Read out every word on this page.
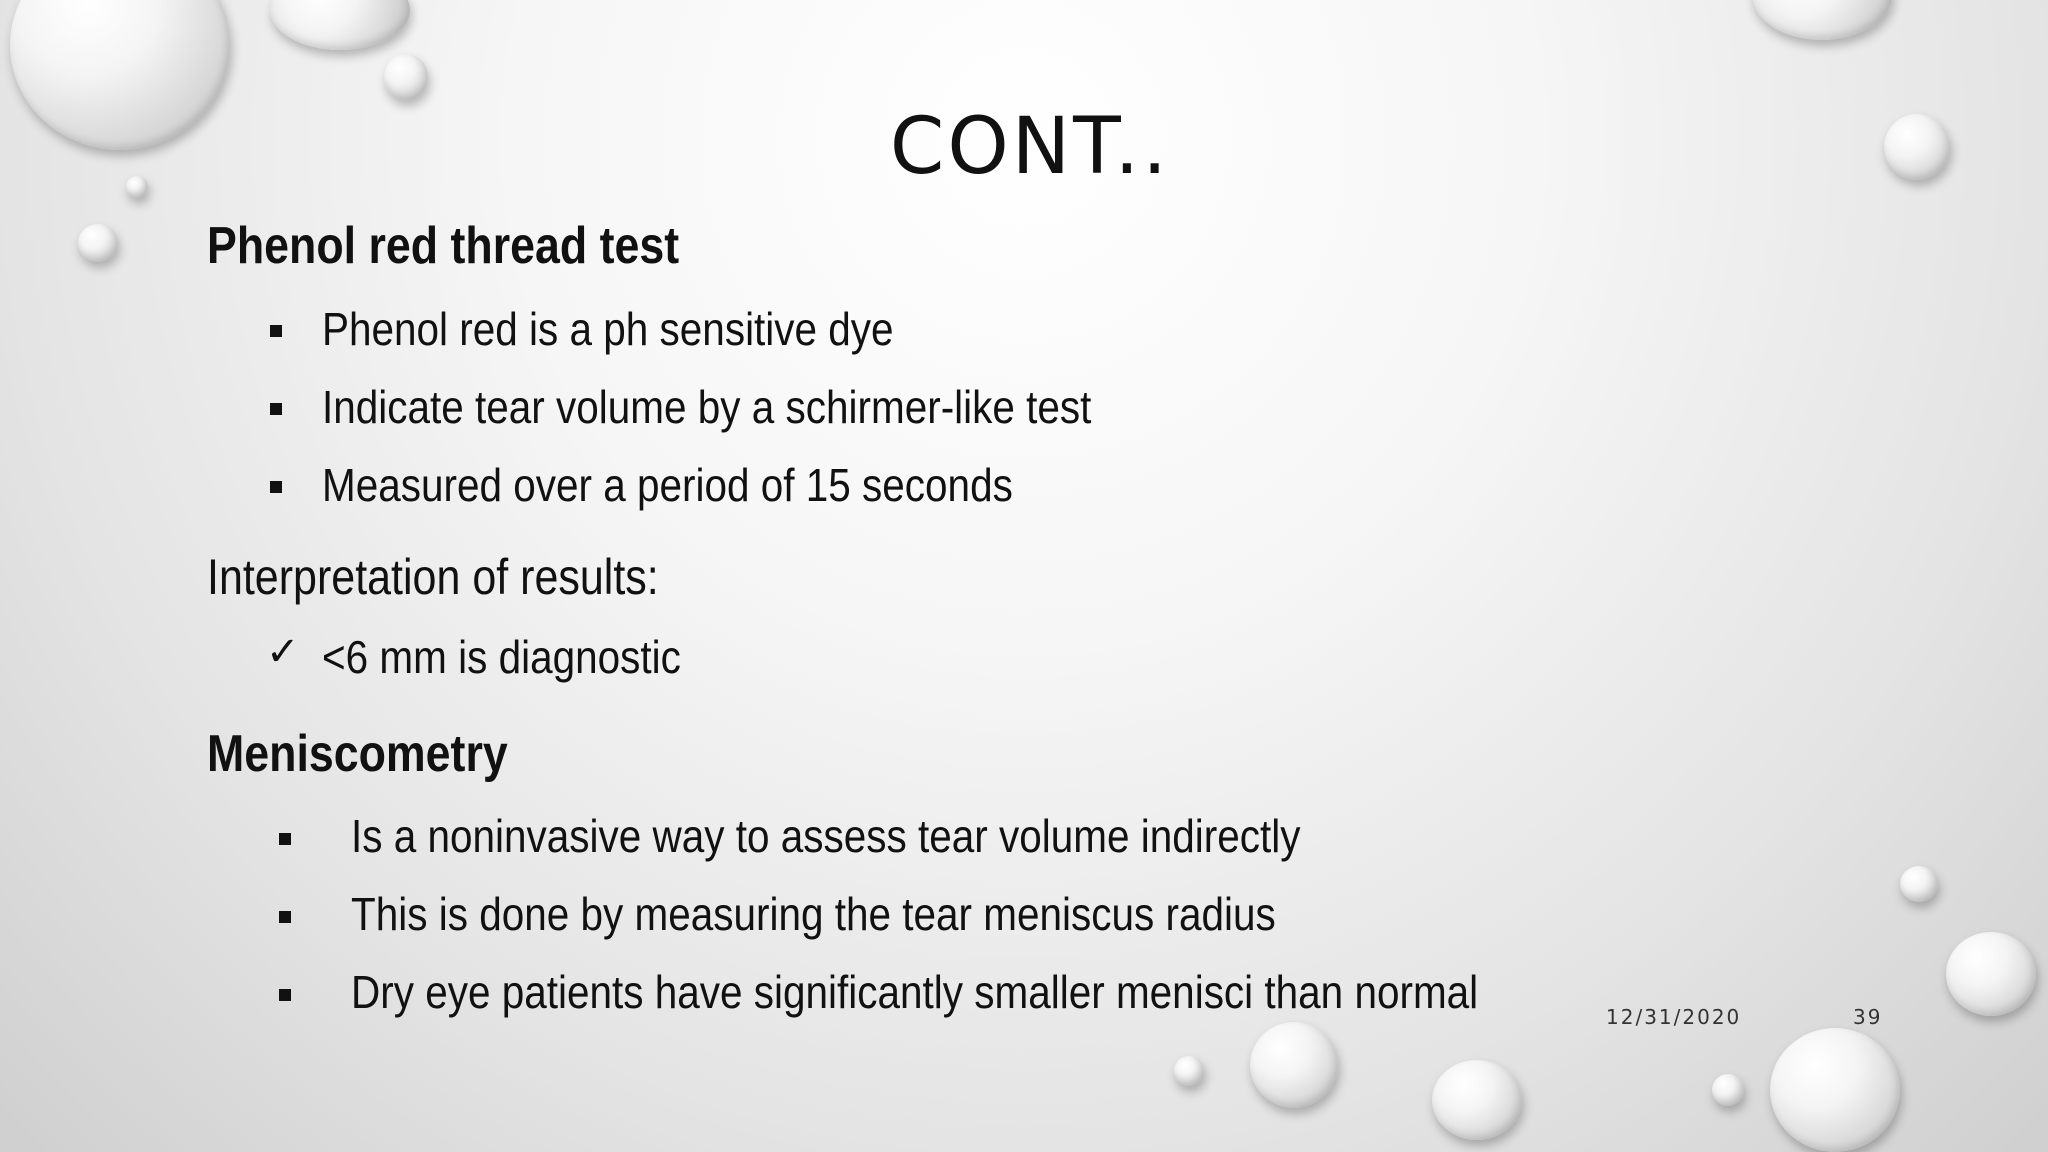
CONT..
Phenol red thread test
Phenol red is a ph sensitive dye
Indicate tear volume by a schirmer-like test
Measured over a period of 15 seconds
Interpretation of results:
✓ <6 mm is diagnostic
Meniscometry
Is a noninvasive way to assess tear volume indirectly
This is done by measuring the tear meniscus radius
Dry eye patients have significantly smaller menisci than normal	12/31/2020	39
